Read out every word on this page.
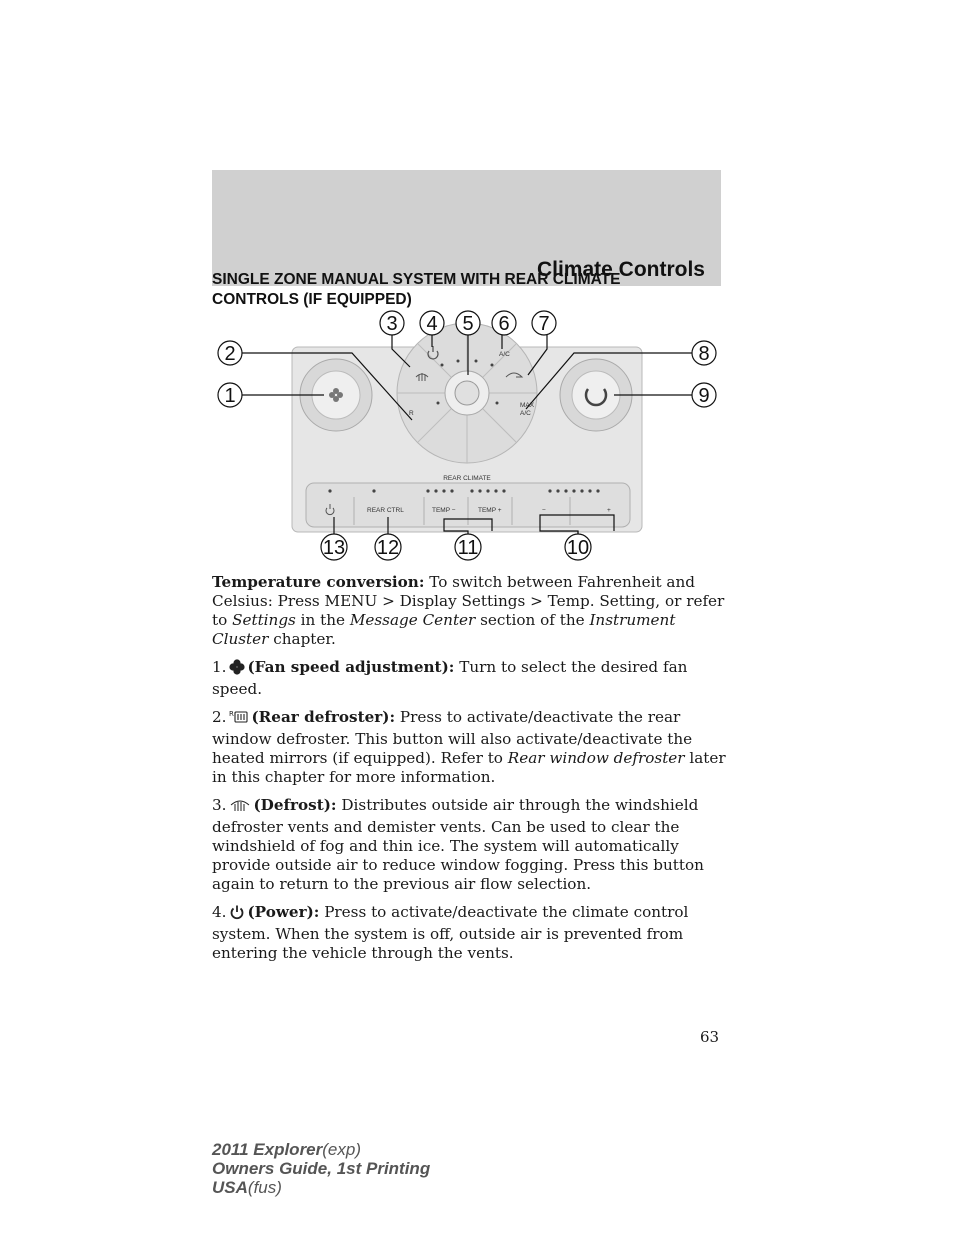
Climate Controls
SINGLE ZONE MANUAL SYSTEM WITH REAR CLIMATE
CONTROLS (IF EQUIPPED)
A/C
MAX
A/C
R
REAR CLIMATE
REAR CTRL	TEMP −	TEMP +	−	+
1
2
3 4 5 6 7
8
9
10
11
12
13

Temperature conversion: To switch between Fahrenheit and Celsius: Press MENU > Display Settings > Temp. Setting, or refer to Settings in the Message Center section of the Instrument Cluster chapter.

1. (Fan speed adjustment): Turn to select the desired fan speed.

2. R (Rear defroster): Press to activate/deactivate the rear window defroster. This button will also activate/deactivate the heated mirrors (if equipped). Refer to Rear window defroster later in this chapter for more information.

3. (Defrost): Distributes outside air through the windshield defroster vents and demister vents. Can be used to clear the windshield of fog and thin ice. The system will automatically provide outside air to reduce window fogging. Press this button again to return to the previous air flow selection.

4. (Power): Press to activate/deactivate the climate control system. When the system is off, outside air is prevented from entering the vehicle through the vents.

63
2011 Explorer(exp)
Owners Guide, 1st Printing
USA(fus)
